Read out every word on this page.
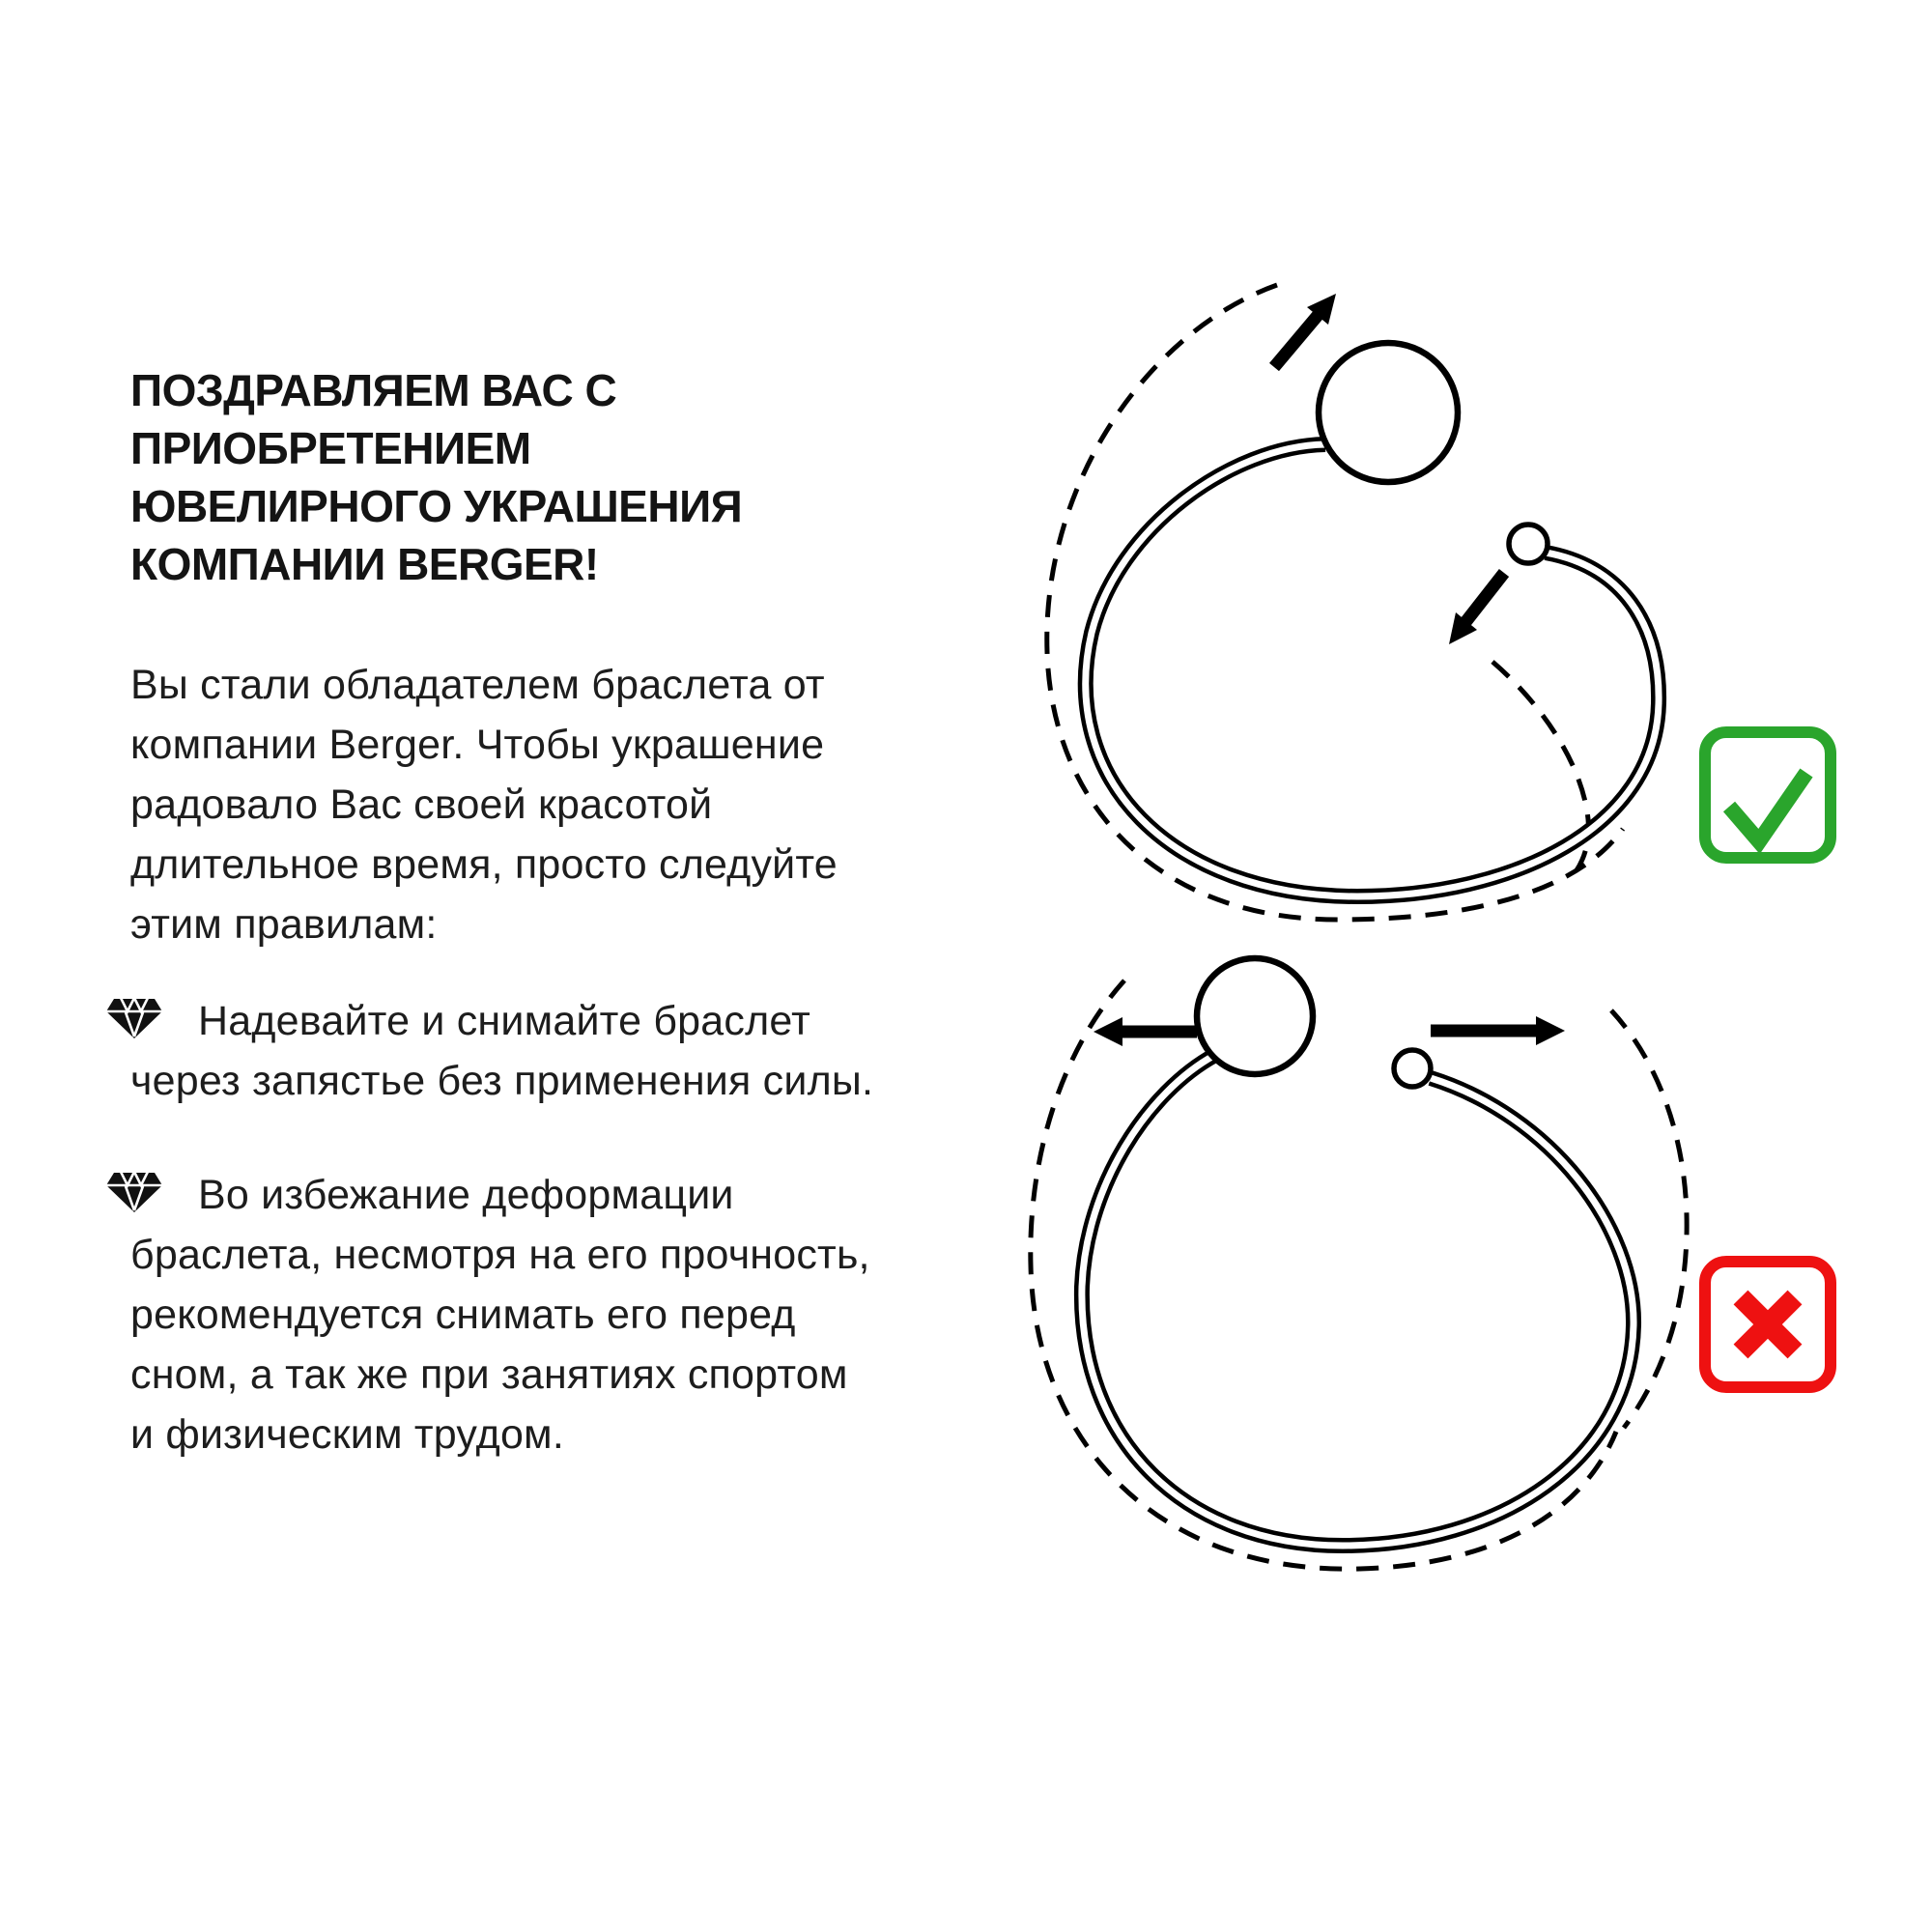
ПОЗДРАВЛЯЕМ ВАС С
ПРИОБРЕТЕНИЕМ
ЮВЕЛИРНОГО УКРАШЕНИЯ
КОМПАНИИ BERGER!
Вы стали обладателем браслета от
компании Berger. Чтобы украшение
радовало Вас своей красотой
длительное время, просто следуйте
этим правилам:
Надевайте и снимайте браслет
через запястье без применения силы.
Во избежание деформации
браслета, несмотря на его прочность,
рекомендуется снимать его перед
сном, а так же при занятиях спортом
и физическим трудом.
